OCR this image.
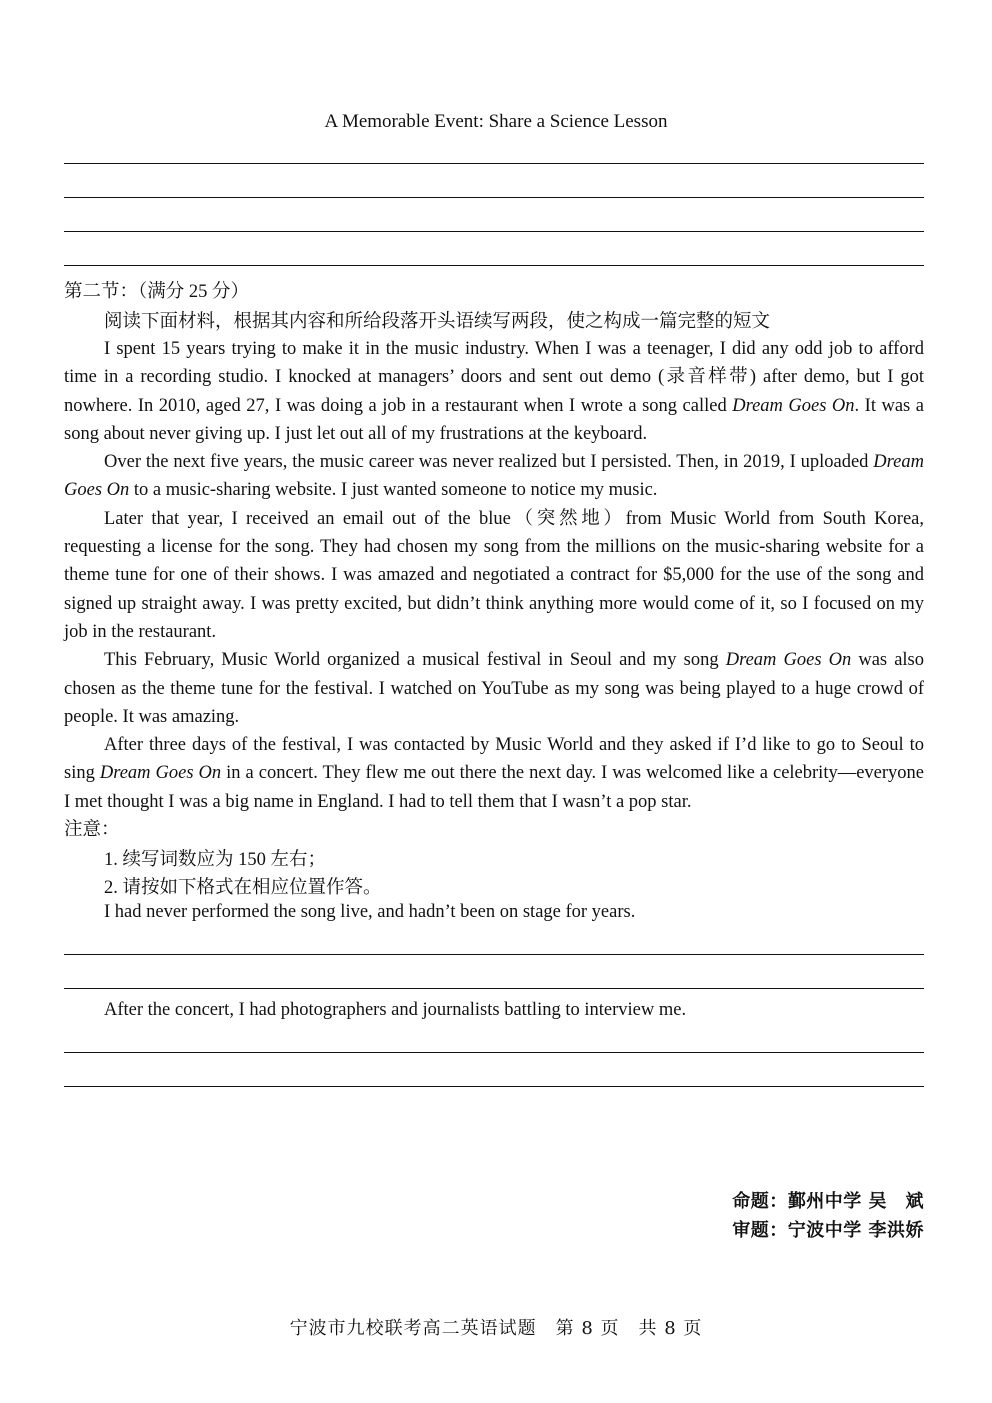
A Memorable Event: Share a Science Lesson
第二节：（满分 25 分）
阅读下面材料，根据其内容和所给段落开头语续写两段，使之构成一篇完整的短文

I spent 15 years trying to make it in the music industry. When I was a teenager, I did any odd job to afford time in a recording studio. I knocked at managers’ doors and sent out demo (录音样带) after demo, but I got nowhere. In 2010, aged 27, I was doing a job in a restaurant when I wrote a song called Dream Goes On. It was a song about never giving up. I just let out all of my frustrations at the keyboard.

Over the next five years, the music career was never realized but I persisted. Then, in 2019, I uploaded Dream Goes On to a music-sharing website. I just wanted someone to notice my music.

Later that year, I received an email out of the blue（突然地）from Music World from South Korea, requesting a license for the song. They had chosen my song from the millions on the music-sharing website for a theme tune for one of their shows. I was amazed and negotiated a contract for $5,000 for the use of the song and signed up straight away. I was pretty excited, but didn’t think anything more would come of it, so I focused on my job in the restaurant.

This February, Music World organized a musical festival in Seoul and my song Dream Goes On was also chosen as the theme tune for the festival. I watched on YouTube as my song was being played to a huge crowd of people. It was amazing.

After three days of the festival, I was contacted by Music World and they asked if I’d like to go to Seoul to sing Dream Goes On in a concert. They flew me out there the next day. I was welcomed like a celebrity—everyone I met thought I was a big name in England. I had to tell them that I wasn’t a pop star.

注意：
1. 续写词数应为 150 左右；
2. 请按如下格式在相应位置作答。
I had never performed the song live, and hadn’t been on stage for years.
After the concert, I had photographers and journalists battling to interview me.
命题：鄞州中学 吴　斌
审题：宁波中学 李洪娇
宁波市九校联考高二英语试题　第 8 页　共 8 页
